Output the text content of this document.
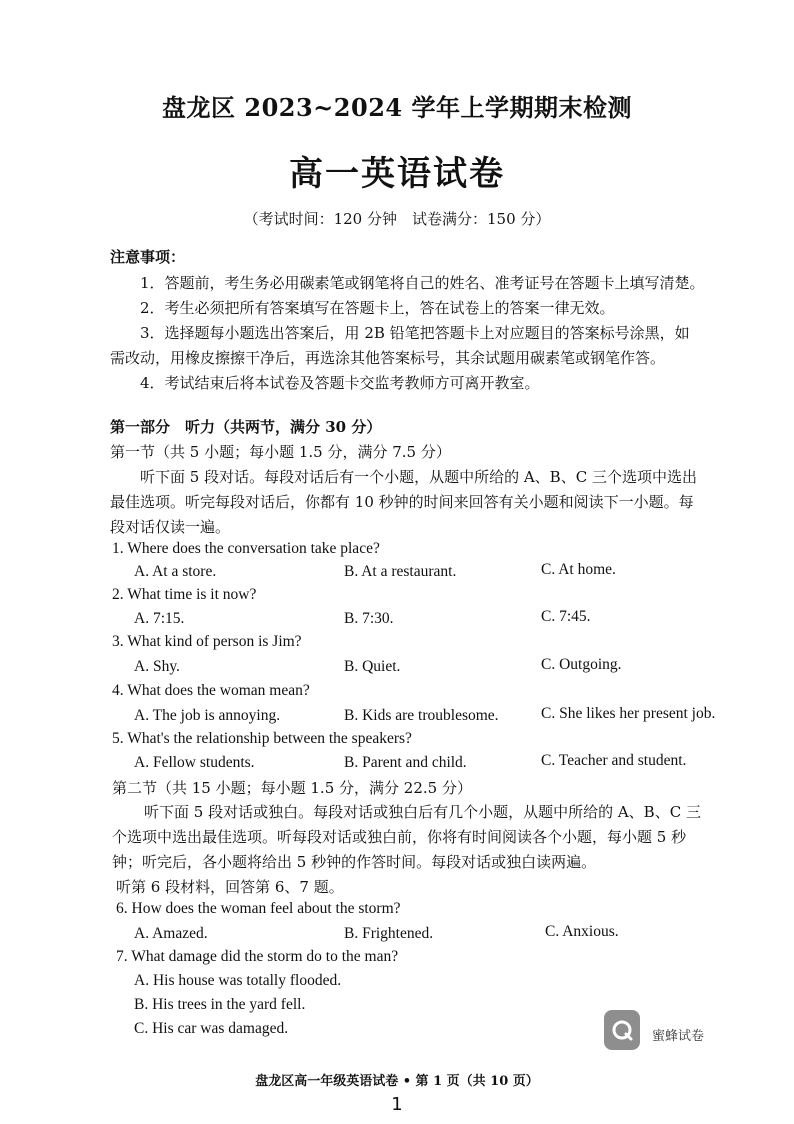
盘龙区 2023~2024 学年上学期期末检测
高一英语试卷
（考试时间：120 分钟　试卷满分：150 分）
注意事项：
1．答题前，考生务必用碳素笔或钢笔将自己的姓名、准考证号在答题卡上填写清楚。
2．考生必须把所有答案填写在答题卡上，答在试卷上的答案一律无效。
3．选择题每小题选出答案后，用 2B 铅笔把答题卡上对应题目的答案标号涂黑，如
需改动，用橡皮擦擦干净后，再选涂其他答案标号，其余试题用碳素笔或钢笔作答。
4．考试结束后将本试卷及答题卡交监考教师方可离开教室。
第一部分　听力（共两节，满分 30 分）
第一节（共 5 小题；每小题 1.5 分，满分 7.5 分）
听下面 5 段对话。每段对话后有一个小题，从题中所给的 A、B、C 三个选项中选出
最佳选项。听完每段对话后，你都有 10 秒钟的时间来回答有关小题和阅读下一小题。每
段对话仅读一遍。
1. Where does the conversation take place?
A. At a store.	B. At a restaurant.	C. At home.
2. What time is it now?
A. 7:15.	B. 7:30.	C. 7:45.
3. What kind of person is Jim?
A. Shy.	B. Quiet.	C. Outgoing.
4. What does the woman mean?
A. The job is annoying.	B. Kids are troublesome.	C. She likes her present job.
5. What's the relationship between the speakers?
A. Fellow students.	B. Parent and child.	C. Teacher and student.
第二节（共 15 小题；每小题 1.5 分，满分 22.5 分）
听下面 5 段对话或独白。每段对话或独白后有几个小题，从题中所给的 A、B、C 三
个选项中选出最佳选项。听每段对话或独白前，你将有时间阅读各个小题，每小题 5 秒
钟；听完后，各小题将给出 5 秒钟的作答时间。每段对话或独白读两遍。
听第 6 段材料，回答第 6、7 题。
6. How does the woman feel about the storm?
A. Amazed.	B. Frightened.	C. Anxious.
7. What damage did the storm do to the man?
A. His house was totally flooded.
B. His trees in the yard fell.
C. His car was damaged.	蜜蜂试卷
盘龙区高一年级英语试卷 • 第 1 页（共 10 页）
1
